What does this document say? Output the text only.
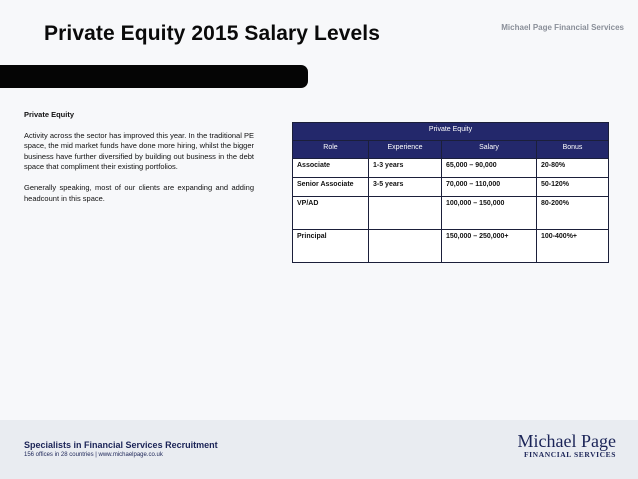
Private Equity 2015 Salary Levels	Michael Page Financial Services
Private Equity

Activity across the sector has improved this year. In the traditional PE space, the mid market funds have done more hiring, whilst the bigger business have further diversified by building out business in the debt space that compliment their existing portfolios.

Generally speaking, most of our clients are expanding and adding headcount in this space.

Private Equity			
Role	Experience	Salary	Bonus
Associate	1-3 years	65,000 – 90,000	20-80%
Senior Associate	3-5 years	70,000 – 110,000	50-120%
VP/AD		100,000 – 150,000	80-200%
Principal		150,000 – 250,000+	100-400%+
Specialists in Financial Services Recruitment
156 offices in 28 countries | www.michaelpage.co.uk
Michael Page
FINANCIAL SERVICES
